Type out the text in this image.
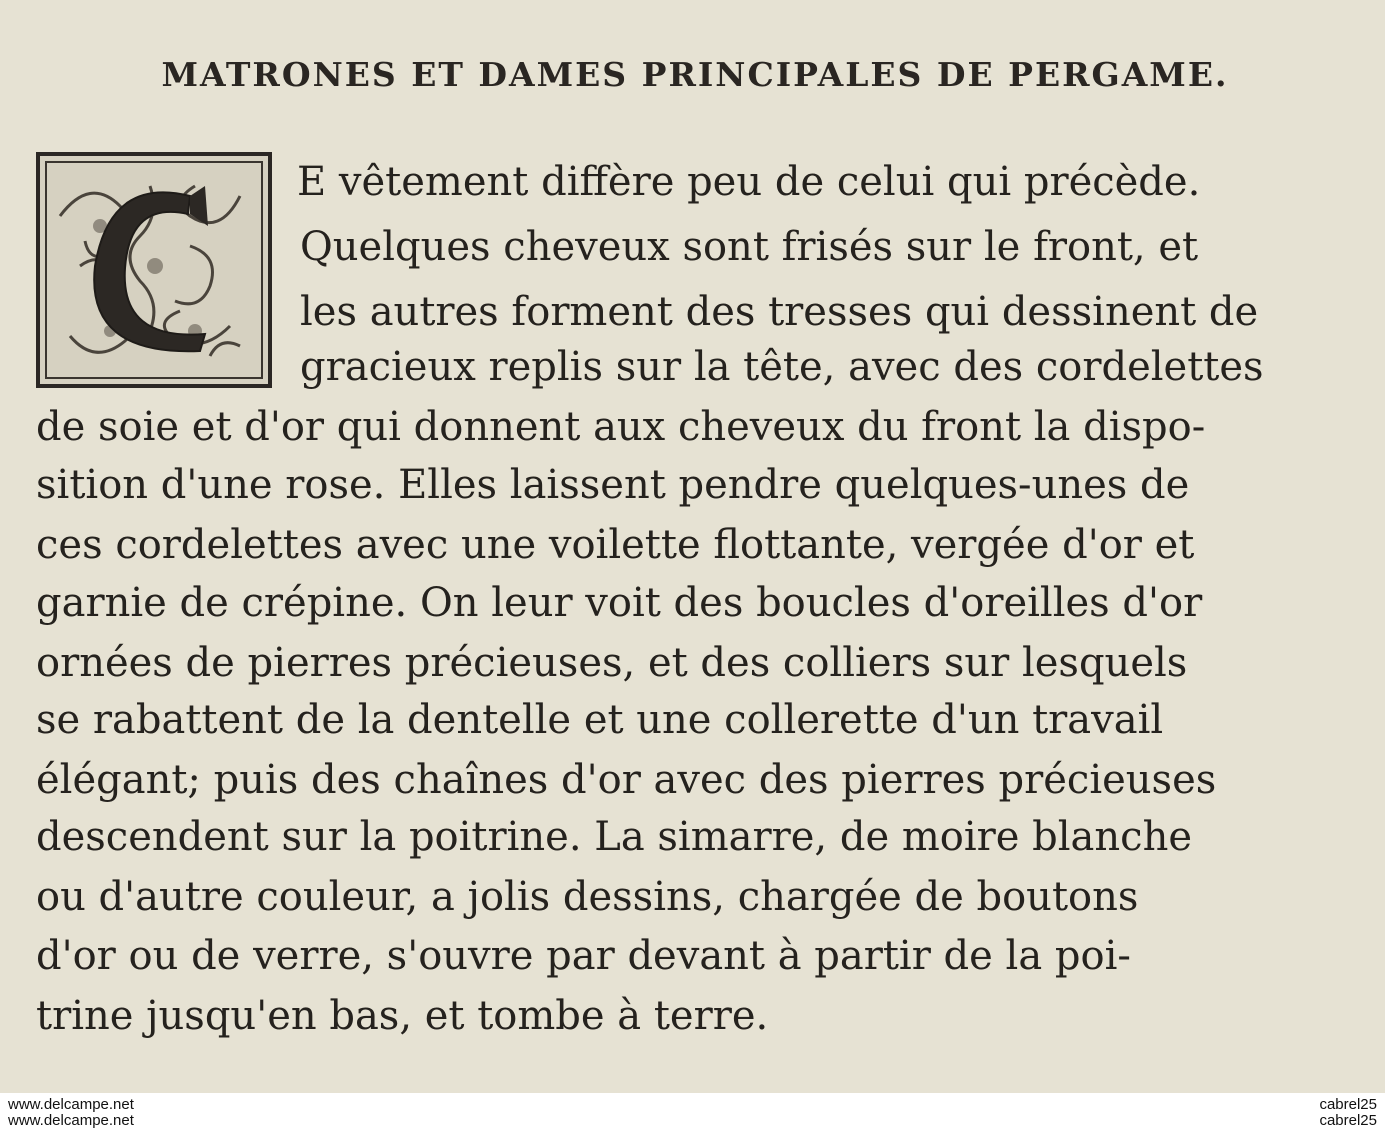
MATRONES ET DAMES PRINCIPALES DE PERGAME.
E vêtement diffère peu de celui qui précède.
Quelques cheveux sont frisés sur le front, et
les autres forment des tresses qui dessinent de
gracieux replis sur la tête, avec des cordelettes
de soie et d'or qui donnent aux cheveux du front la dispo-
sition d'une rose. Elles laissent pendre quelques-unes de
ces cordelettes avec une voilette flottante, vergée d'or et
garnie de crépine. On leur voit des boucles d'oreilles d'or
ornées de pierres précieuses, et des colliers sur lesquels
se rabattent de la dentelle et une collerette d'un travail
élégant; puis des chaînes d'or avec des pierres précieuses
descendent sur la poitrine. La simarre, de moire blanche
ou d'autre couleur, a jolis dessins, chargée de boutons
d'or ou de verre, s'ouvre par devant à partir de la poi-
trine jusqu'en bas, et tombe à terre.
www.delcampe.net
www.delcampe.net
cabrel25
cabrel25
